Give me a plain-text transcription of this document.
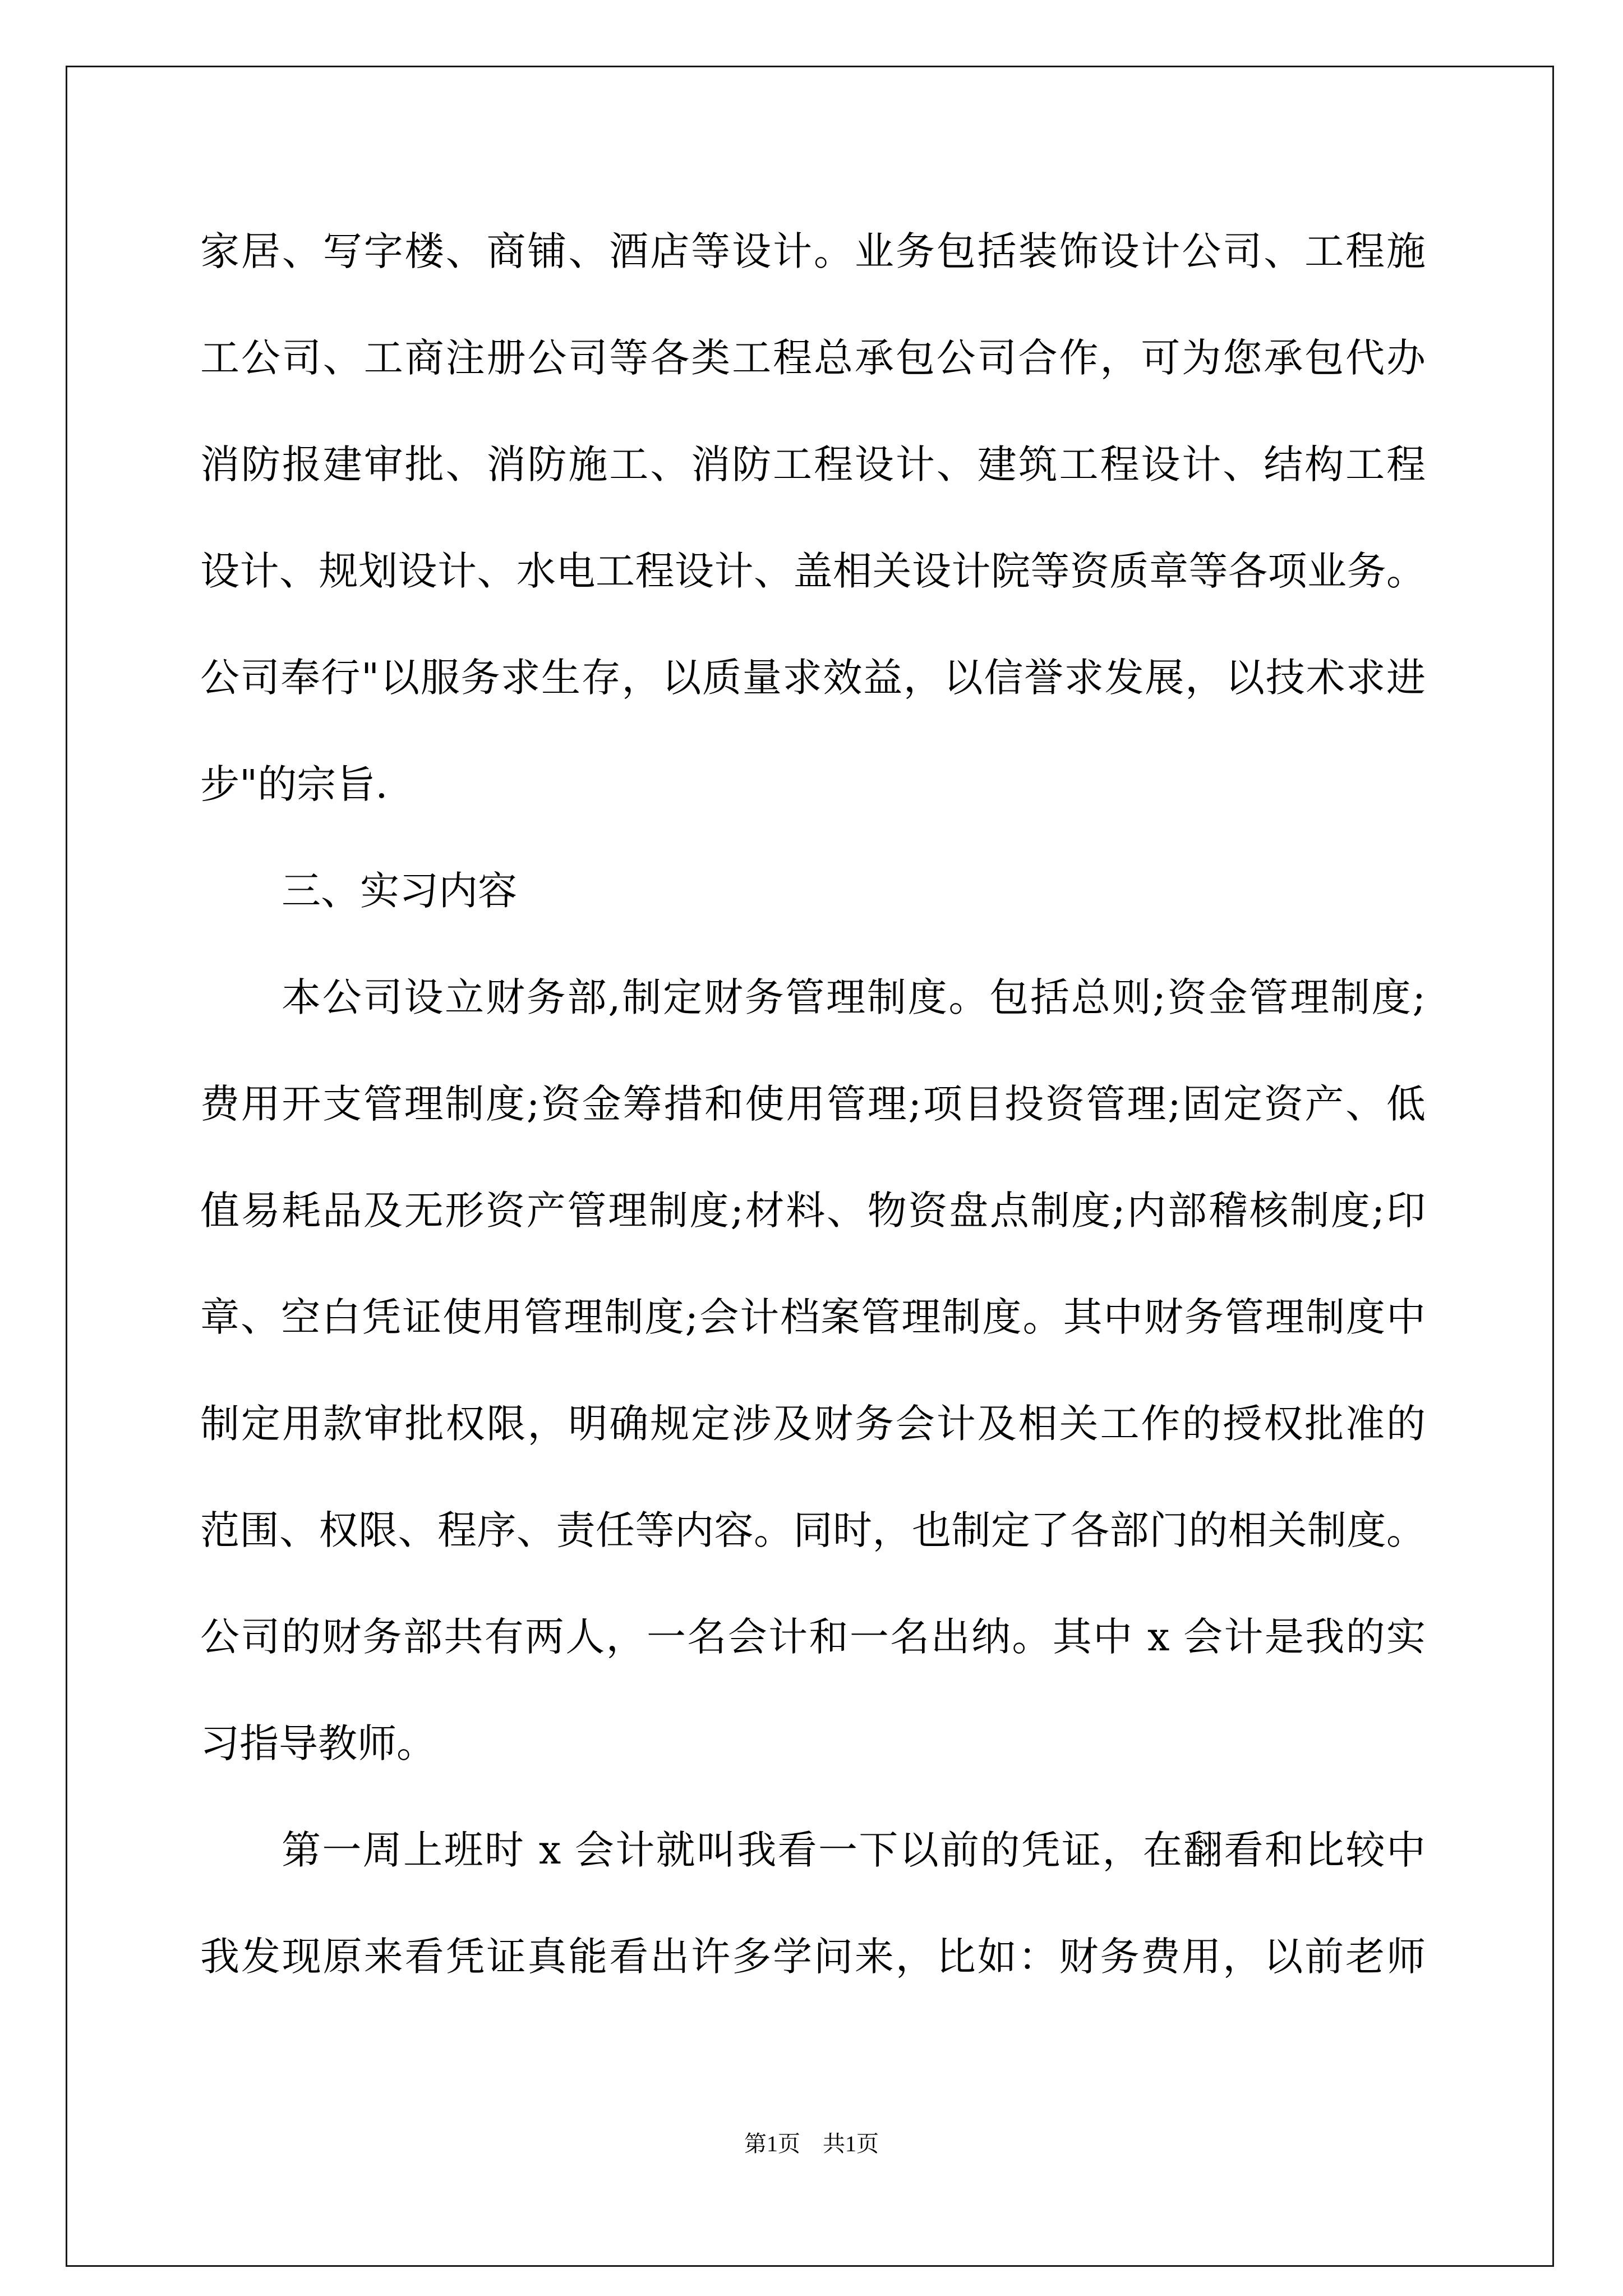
家居、写字楼、商铺、酒店等设计。业务包括装饰设计公司、工程施
工公司、工商注册公司等各类工程总承包公司合作，可为您承包代办
消防报建审批、消防施工、消防工程设计、建筑工程设计、结构工程
设计、规划设计、水电工程设计、盖相关设计院等资质章等各项业务。
公司奉行"以服务求生存，以质量求效益，以信誉求发展，以技术求进
步"的宗旨.
三、实习内容
本公司设立财务部,制定财务管理制度。包括总则;资金管理制度;
费用开支管理制度;资金筹措和使用管理;项目投资管理;固定资产、低
值易耗品及无形资产管理制度;材料、物资盘点制度;内部稽核制度;印
章、空白凭证使用管理制度;会计档案管理制度。其中财务管理制度中
制定用款审批权限，明确规定涉及财务会计及相关工作的授权批准的
范围、权限、程序、责任等内容。同时，也制定了各部门的相关制度。
公司的财务部共有两人，一名会计和一名出纳。其中 x 会计是我的实
习指导教师。
第一周上班时 x 会计就叫我看一下以前的凭证，在翻看和比较中
我发现原来看凭证真能看出许多学问来，比如：财务费用，以前老师
第1页　共1页
